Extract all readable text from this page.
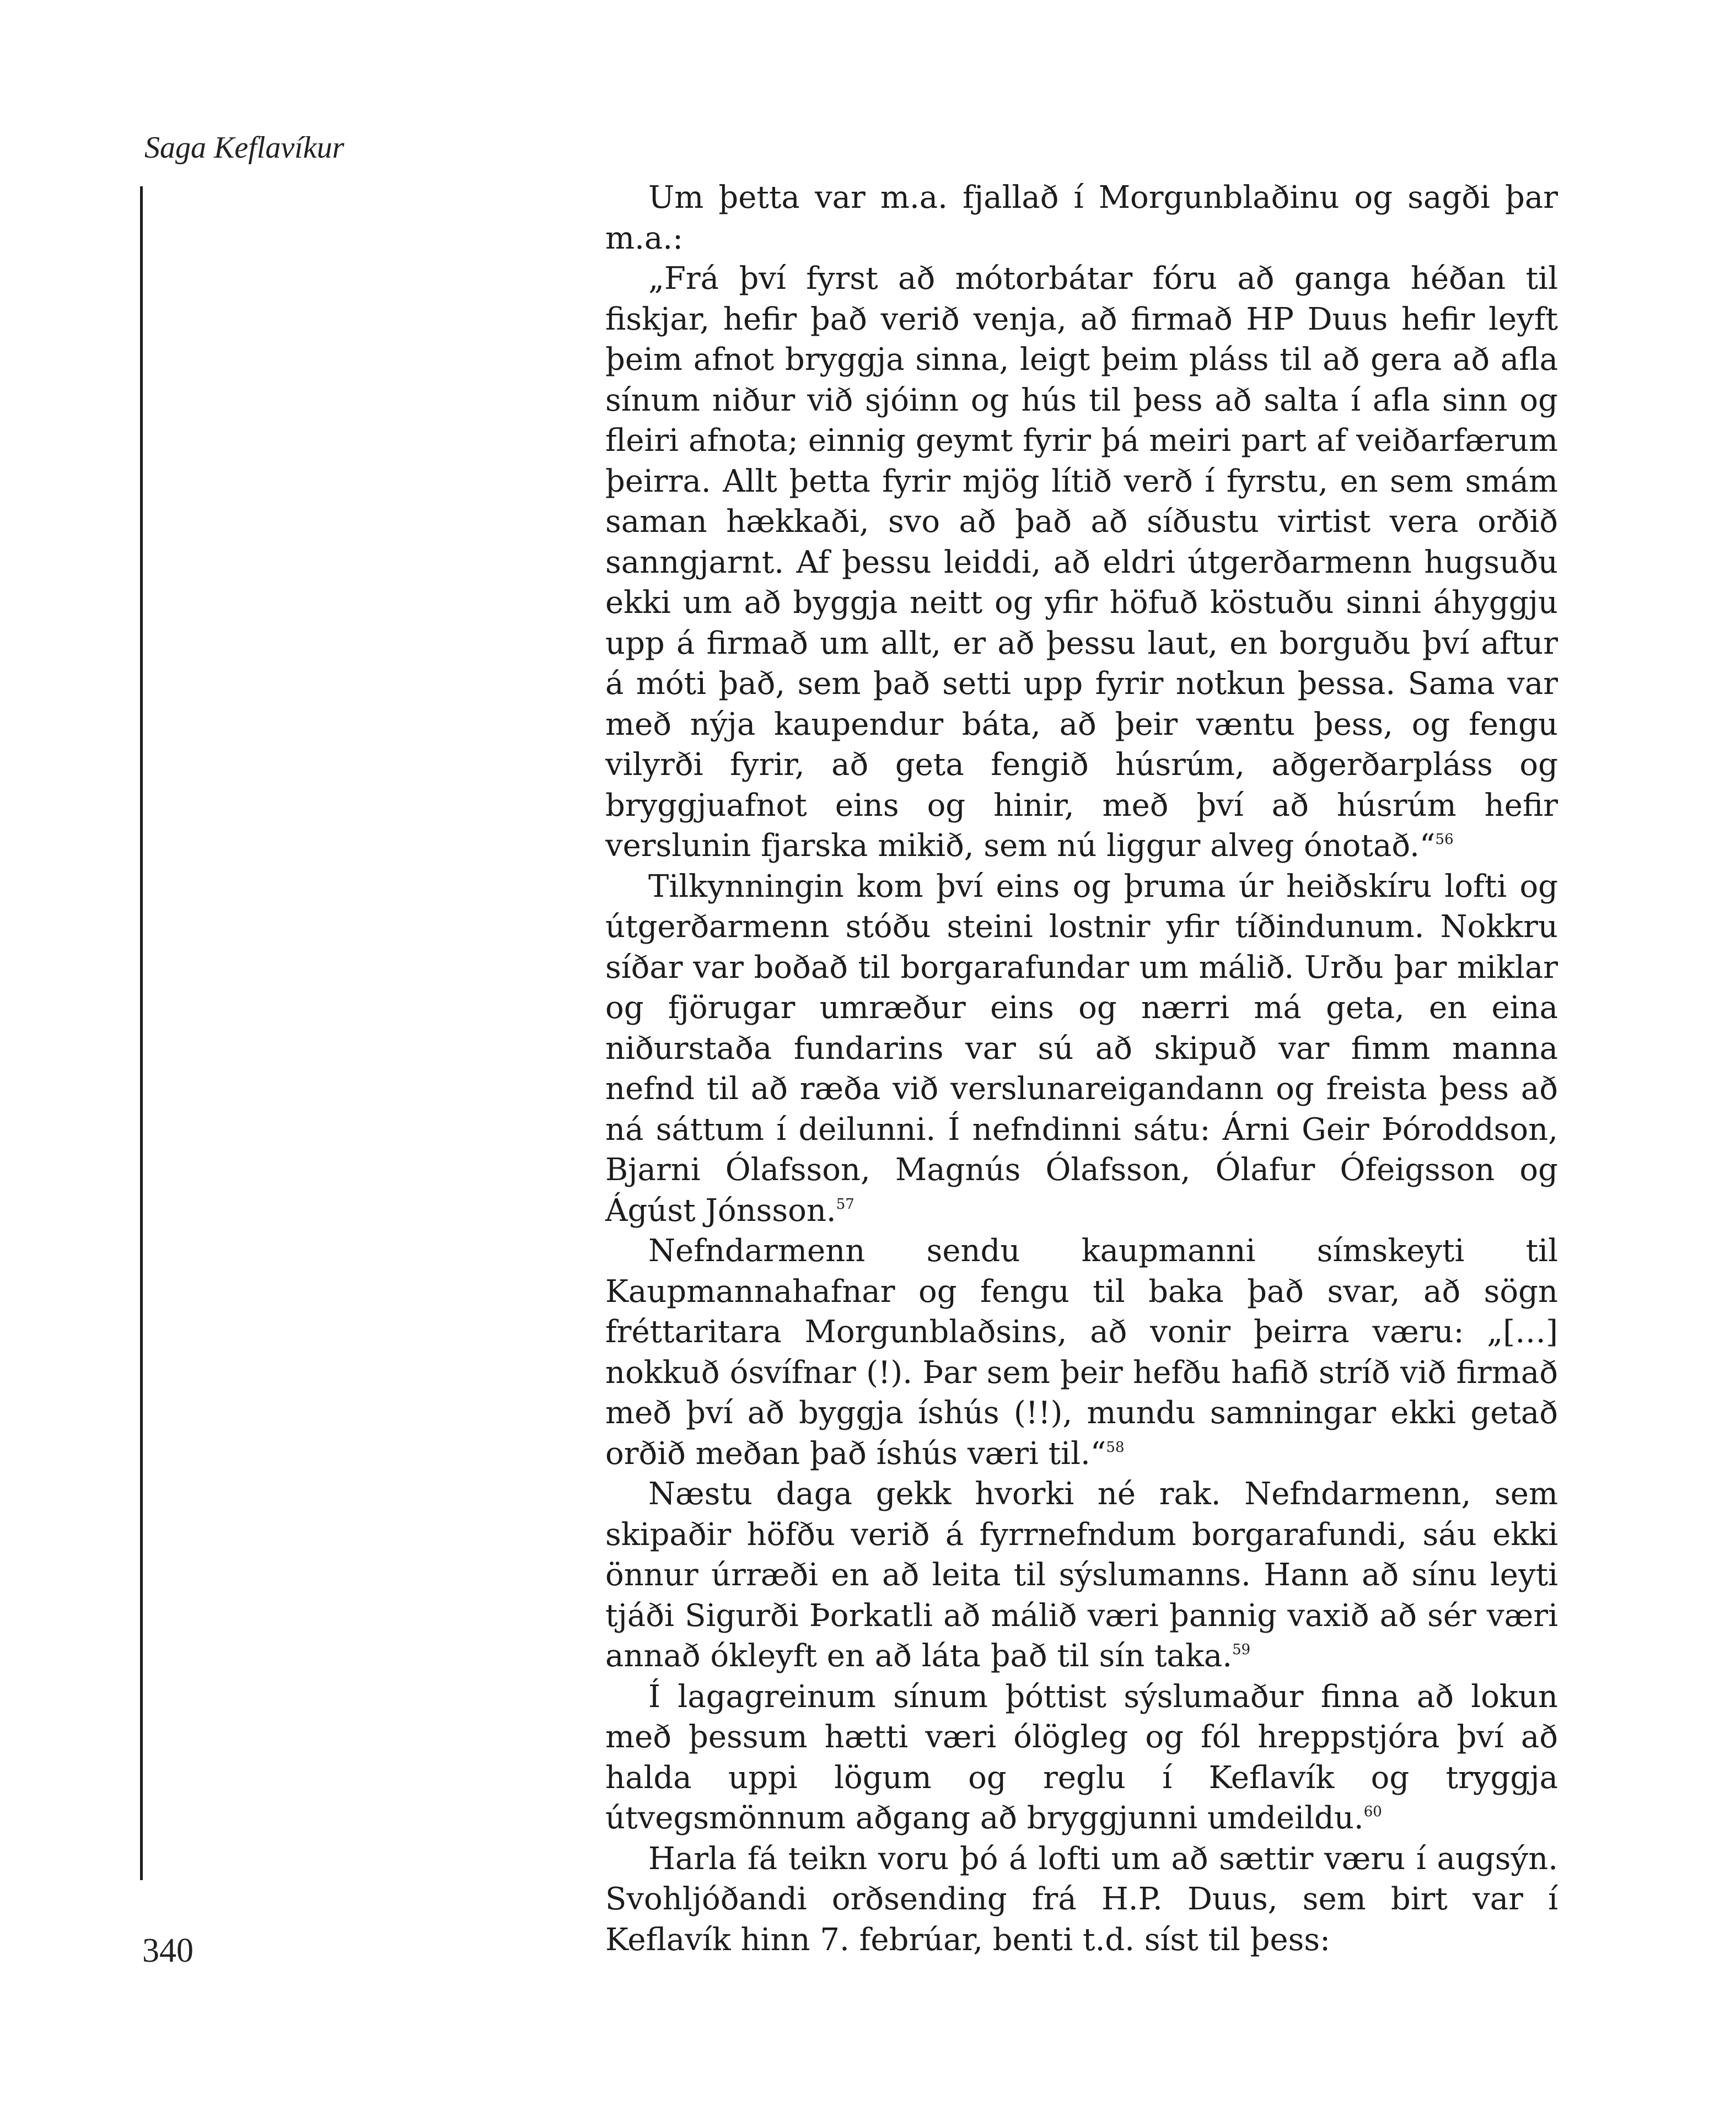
Saga Keflavíkur

Um þetta var m.a. fjallað í Morgunblaðinu og sagði þar m.a.:

„Frá því fyrst að mótorbátar fóru að ganga héðan til fiskjar, hefir það verið venja, að firmað HP Duus hefir leyft þeim afnot bryggja sinna, leigt þeim pláss til að gera að afla sínum niður við sjóinn og hús til þess að salta í afla sinn og fleiri afnota; einnig geymt fyrir þá meiri part af veiðarfærum þeirra. Allt þetta fyrir mjög lítið verð í fyrstu, en sem smám saman hækkaði, svo að það að síðustu virtist vera orðið sanngjarnt. Af þessu leiddi, að eldri útgerðarmenn hugsuðu ekki um að byggja neitt og yfir höfuð köstuðu sinni áhyggju upp á firmað um allt, er að þessu laut, en borguðu því aftur á móti það, sem það setti upp fyrir notkun þessa. Sama var með nýja kaupendur báta, að þeir væntu þess, og fengu vilyrði fyrir, að geta fengið húsrúm, aðgerðarpláss og bryggjuafnot eins og hinir, með því að húsrúm hefir verslunin fjarska mikið, sem nú liggur alveg ónotað.“$^{56}$

Tilkynningin kom því eins og þruma úr heiðskíru lofti og útgerðarmenn stóðu steini lostnir yfir tíðindunum. Nokkru síðar var boðað til borgarafundar um málið. Urðu þar miklar og fjörugar umræður eins og nærri má geta, en eina niðurstaða fundarins var sú að skipuð var fimm manna nefnd til að ræða við verslunareigandann og freista þess að ná sáttum í deilunni. Í nefndinni sátu: Árni Geir Þóroddson, Bjarni Ólafsson, Magnús Ólafsson, Ólafur Ófeigsson og Ágúst Jónsson.$^{57}$

Nefndarmenn sendu kaupmanni símskeyti til Kaupmannahafnar og fengu til baka það svar, að sögn fréttaritara Morgunblaðsins, að vonir þeirra væru: „[…] nokkuð ósvífnar (!). Þar sem þeir hefðu hafið stríð við firmað með því að byggja íshús (!!), mundu samningar ekki getað orðið meðan það íshús væri til.“$^{58}$

Næstu daga gekk hvorki né rak. Nefndarmenn, sem skipaðir höfðu verið á fyrrnefndum borgarafundi, sáu ekki önnur úrræði en að leita til sýslumanns. Hann að sínu leyti tjáði Sigurði Þorkatli að málið væri þannig vaxið að sér væri annað ókleyft en að láta það til sín taka.$^{59}$

Í lagagreinum sínum þóttist sýslumaður finna að lokun með þessum hætti væri ólögleg og fól hreppstjóra því að halda uppi lögum og reglu í Keflavík og tryggja útvegsmönnum aðgang að bryggjunni umdeildu.$^{60}$

Harla fá teikn voru þó á lofti um að sættir væru í augsýn. Svohljóðandi orðsending frá H.P. Duus, sem birt var í Keflavík hinn 7. febrúar, benti t.d. síst til þess:

340
